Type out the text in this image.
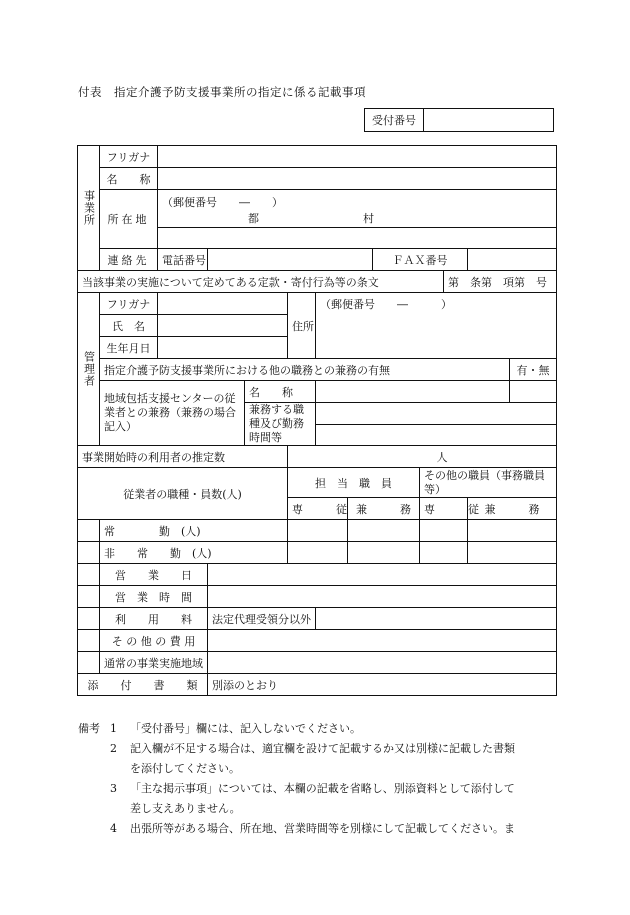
付表　指定介護予防支援事業所の指定に係る記載事項
受付番号
事業所	フリガナ											
	名　　称											
	所在地	（郵便番号　　―　　）
都 村										

	連絡先	電話番号						ＦＡＸ番号				
当該事業の実施について定めてある定款・寄付行為等の条文										第　条第　項第　号		
管理者	フリガナ				住所	（郵便番号　　―　　　）						
	氏　名											
	生年月日											
	指定介護予防支援事業所における他の職務との兼務の有無											有・無
	地域包括支援センターの従業者との兼務（兼務の場合記入）			名　　称								
				兼務する職種及び勤務時間等								

事業開始時の利用者の推定数					人							
従業者の職種・員数(人)					担　当　職　員				その他の職員（事務職員等）			
					専　　　従		兼　　　務		専　　　従		兼　　　務	
	常　　　　勤　(人)											
	非　　常　　勤　(人)											
	営　　業　　日											
	営　業　時　間											
	利　　用　　料		法定代理受領分以外									
	そ の 他 の 費 用											
	通常の事業実施地域											
添　　付　　書　　類			別添のとおり									
備考 1	「受付番号」欄には、記入しないでください。
2	記入欄が不足する場合は、適宜欄を設けて記載するか又は別様に記載した書類
を添付してください。
3	「主な掲示事項」については、本欄の記載を省略し、別添資料として添付して
差し支えありません。
4	出張所等がある場合、所在地、営業時間等を別様にして記載してください。ま
